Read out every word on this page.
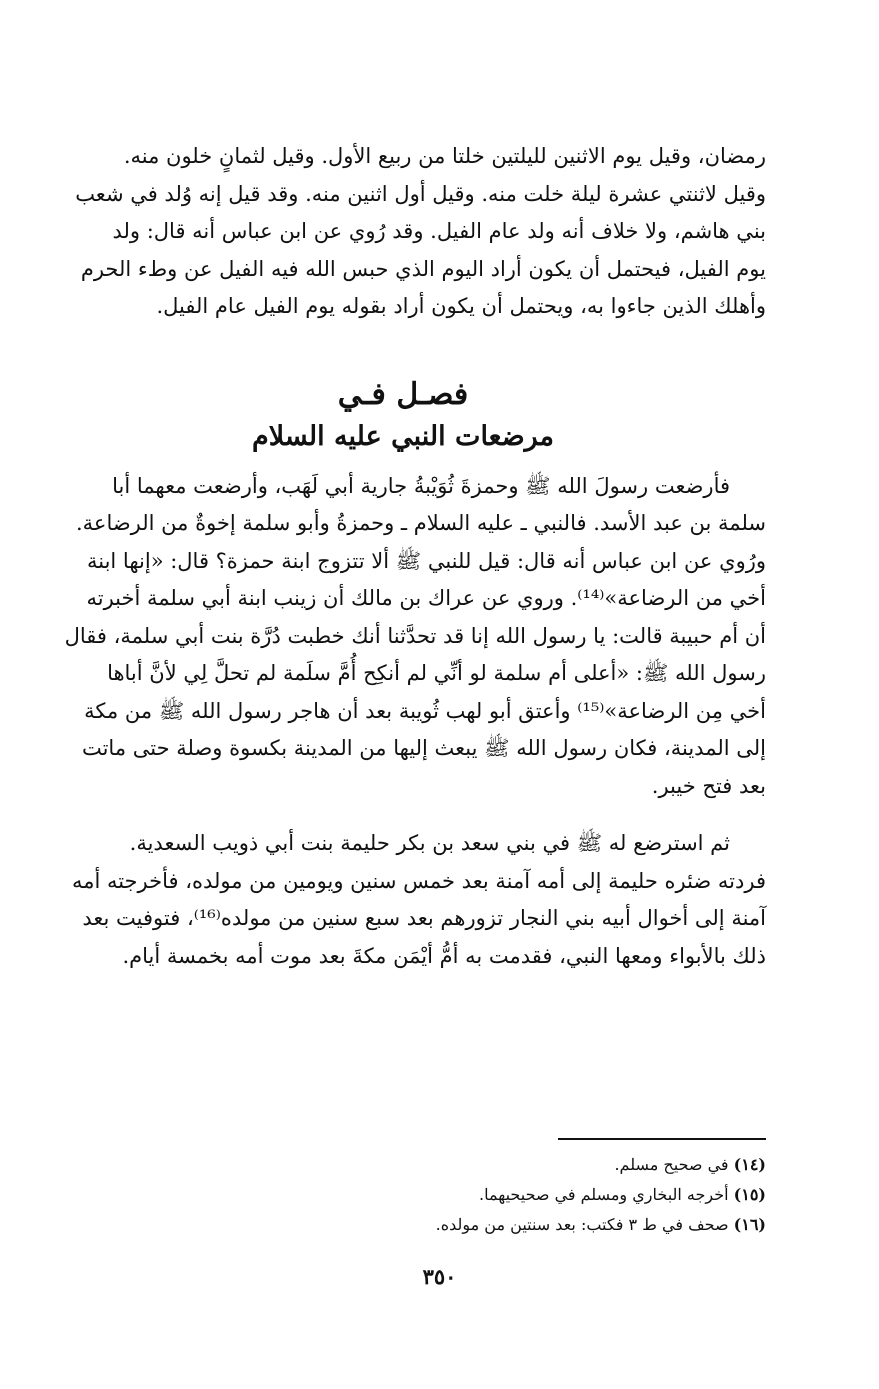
رمضان، وقيل يوم الاثنين لليلتين خلتا من ربيع الأول. وقيل لثمانٍ خلون منه.

وقيل لاثنتي عشرة ليلة خلت منه. وقيل أول اثنين منه. وقد قيل إنه وُلد في شعب

بني هاشم، ولا خلاف أنه ولد عام الفيل. وقد رُوي عن ابن عباس أنه قال: ولد

يوم الفيل، فيحتمل أن يكون أراد اليوم الذي حبس الله فيه الفيل عن وطء الحرم

وأهلك الذين جاءوا به، ويحتمل أن يكون أراد بقوله يوم الفيل عام الفيل.

فصـل فـي
مرضعات النبي عليه السلام

فأرضعت رسولَ الله ﷺ وحمزةَ ثُوَيْبةُ جارية أبي لَهَب، وأرضعت معهما أبا

سلمة بن عبد الأسد. فالنبي ـ عليه السلام ـ وحمزةُ وأبو سلمة إخوةٌ من الرضاعة.

ورُوي عن ابن عباس أنه قال: قيل للنبي ﷺ ألا تتزوج ابنة حمزة؟ قال: «إنها ابنة

أخي من الرضاعة»⁽¹⁴⁾. وروي عن عراك بن مالك أن زينب ابنة أبي سلمة أخبرته

أن أم حبيبة قالت: يا رسول الله إنا قد تحدَّثنا أنك خطبت دُرَّة بنت أبي سلمة، فقال

رسول الله ﷺ: «أعلى أم سلمة لو أنِّي لم أنكِح أُمَّ سلَمة لم تحلَّ لِي لأنَّ أباها

أخي مِن الرضاعة»⁽¹⁵⁾ وأعتق أبو لهب ثُويبة بعد أن هاجر رسول الله ﷺ من مكة

إلى المدينة، فكان رسول الله ﷺ يبعث إليها من المدينة بكسوة وصلة حتى ماتت

بعد فتح خيبر.

ثم استرضع له ﷺ في بني سعد بن بكر حليمة بنت أبي ذويب السعدية.

فردته ضئره حليمة إلى أمه آمنة بعد خمس سنين ويومين من مولده، فأخرجته أمه

آمنة إلى أخوال أبيه بني النجار تزورهم بعد سبع سنين من مولده⁽¹⁶⁾، فتوفيت بعد

ذلك بالأبواء ومعها النبي، فقدمت به أمُّ أيْمَن مكةَ بعد موت أمه بخمسة أيام.

(١٤) في صحيح مسلم.

(١٥) أخرجه البخاري ومسلم في صحيحيهما.

(١٦) صحف في ط ٣ فكتب: بعد سنتين من مولده.

٣٥٠
